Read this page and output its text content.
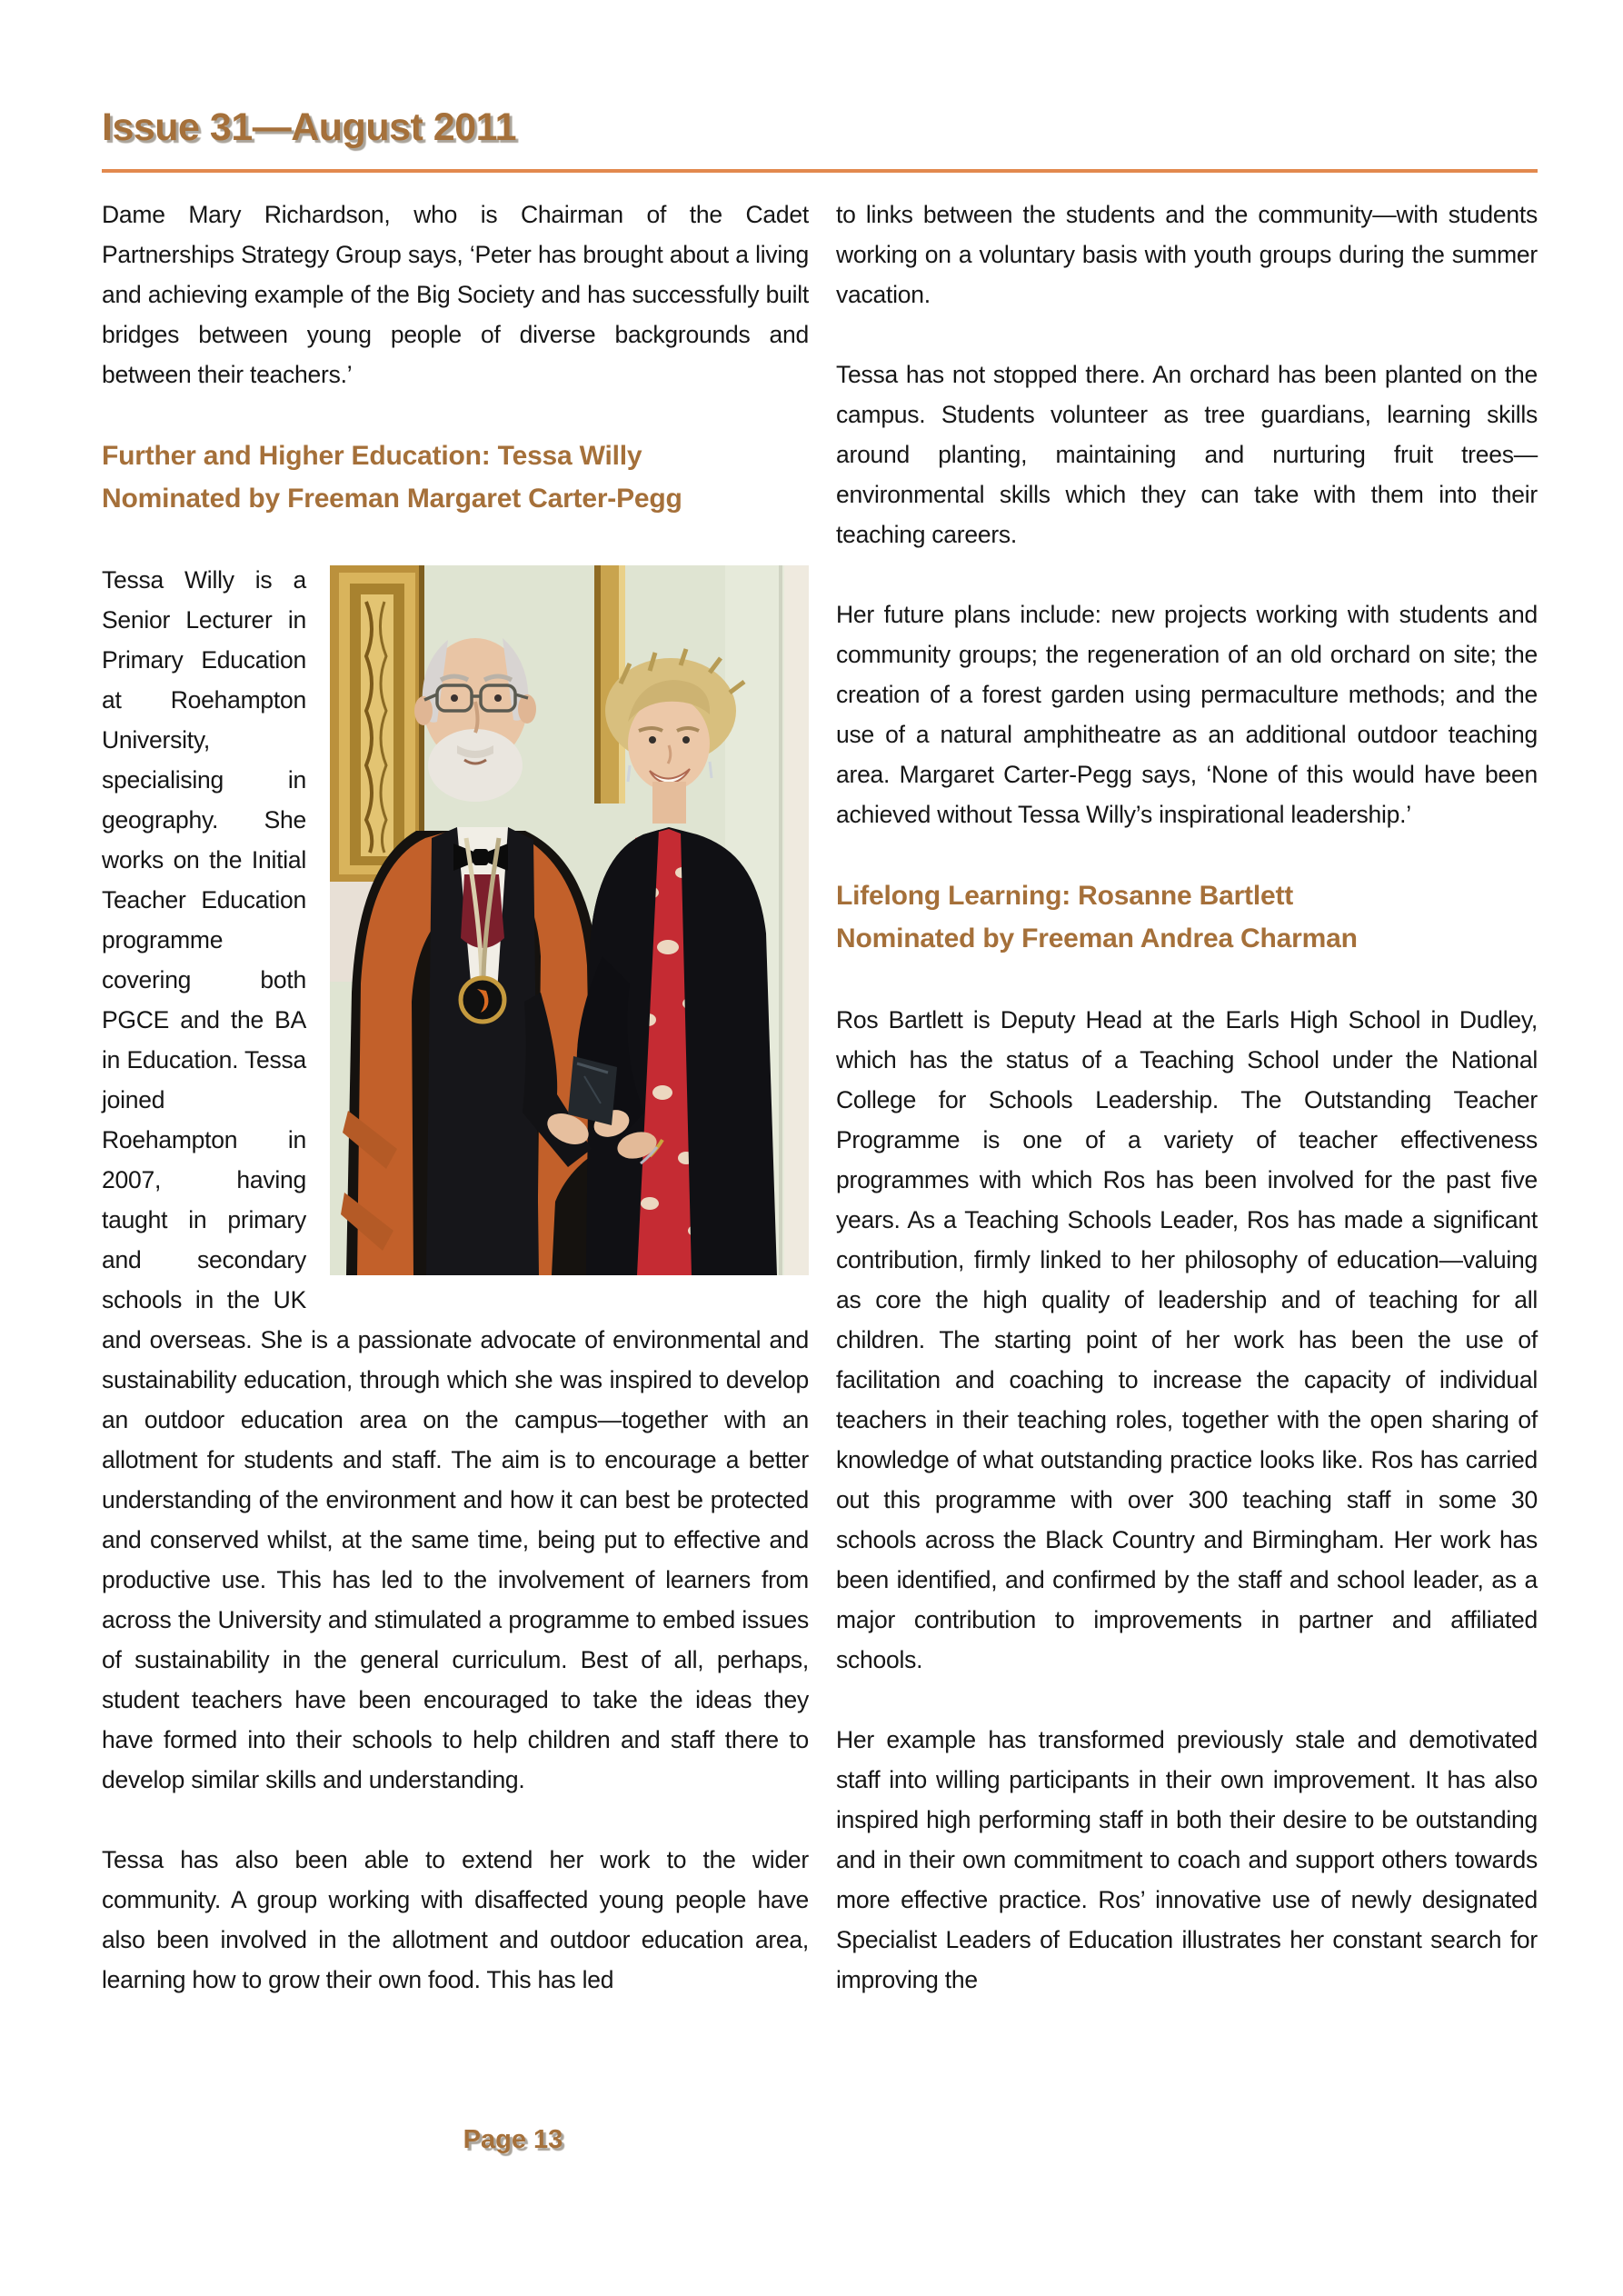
Issue 31—August 2011

Dame Mary Richardson, who is Chairman of the Cadet Partnerships Strategy Group says, ‘Peter has brought about a living and achieving example of the Big Society and has successfully built bridges between young people of diverse backgrounds and between their teachers.’

Further and Higher Education: Tessa Willy
Nominated by Freeman Margaret Carter-Pegg

Tessa Willy is a Senior Lecturer in Primary Education at Roehampton University, specialising in geography. She works on the Initial Teacher Education programme covering both PGCE and the BA in Education. Tessa joined Roehampton in 2007, having taught in primary and secondary schools in the UK and overseas. She is a passionate advocate of environmental and sustainability education, through which she was inspired to develop an outdoor education area on the campus—together with an allotment for students and staff. The aim is to encourage a better understanding of the environment and how it can best be protected and conserved whilst, at the same time, being put to effective and productive use. This has led to the involvement of learners from across the University and stimulated a programme to embed issues of sustainability in the general curriculum. Best of all, perhaps, student teachers have been encouraged to take the ideas they have formed into their schools to help children and staff there to develop similar skills and understanding.

Tessa has also been able to extend her work to the wider community. A group working with disaffected young people have also been involved in the allotment and outdoor education area, learning how to grow their own food. This has led

to links between the students and the community—with students working on a voluntary basis with youth groups during the summer vacation.

Tessa has not stopped there. An orchard has been planted on the campus. Students volunteer as tree guardians, learning skills around planting, maintaining and nurturing fruit trees—environmental skills which they can take with them into their teaching careers.

Her future plans include: new projects working with students and community groups; the regeneration of an old orchard on site; the creation of a forest garden using permaculture methods; and the use of a natural amphitheatre as an additional outdoor teaching area. Margaret Carter-Pegg says, ‘None of this would have been achieved without Tessa Willy’s inspirational leadership.’

Lifelong Learning: Rosanne Bartlett
Nominated by Freeman Andrea Charman

Ros Bartlett is Deputy Head at the Earls High School in Dudley, which has the status of a Teaching School under the National College for Schools Leadership. The Outstanding Teacher Programme is one of a variety of teacher effectiveness programmes with which Ros has been involved for the past five years. As a Teaching Schools Leader, Ros has made a significant contribution, firmly linked to her philosophy of education—valuing as core the high quality of leadership and of teaching for all children. The starting point of her work has been the use of facilitation and coaching to increase the capacity of individual teachers in their teaching roles, together with the open sharing of knowledge of what outstanding practice looks like. Ros has carried out this programme with over 300 teaching staff in some 30 schools across the Black Country and Birmingham. Her work has been identified, and confirmed by the staff and school leader, as a major contribution to improvements in partner and affiliated schools.

Her example has transformed previously stale and demotivated staff into willing participants in their own improvement. It has also inspired high performing staff in both their desire to be outstanding and in their own commitment to coach and support others towards more effective practice. Ros’ innovative use of newly designated Specialist Leaders of Education illustrates her constant search for improving the

Page 13
